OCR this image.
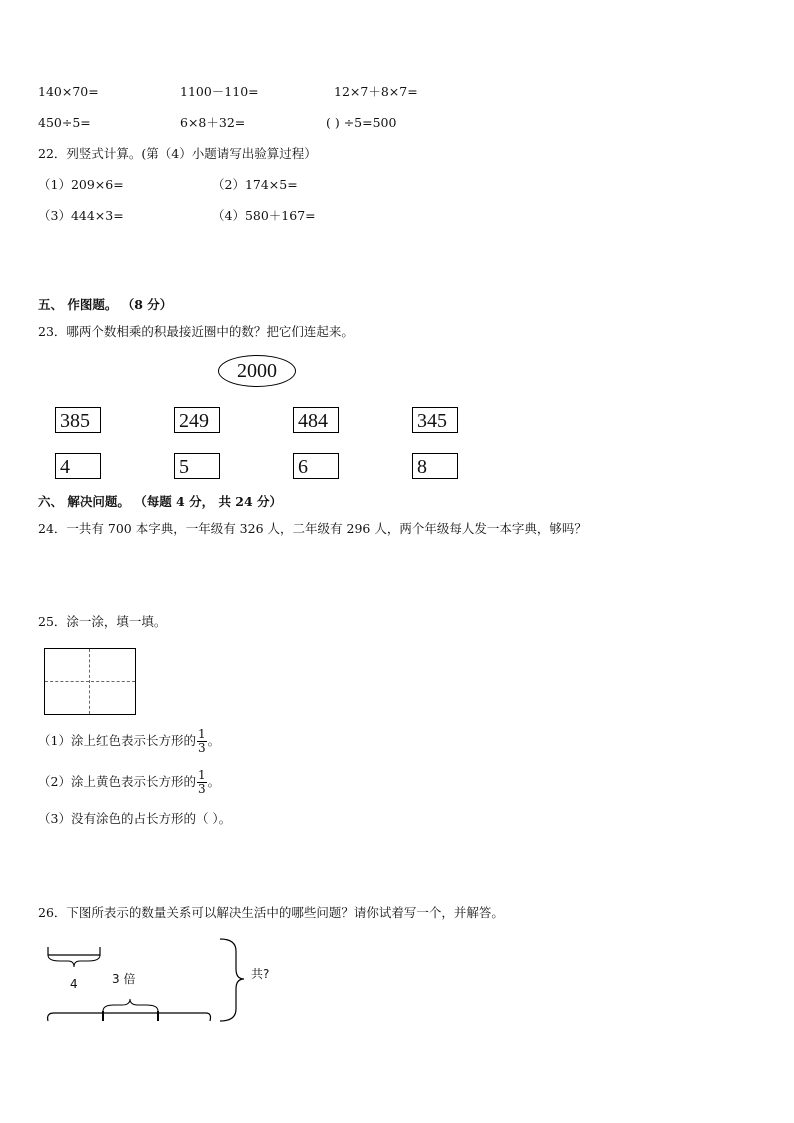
140×70=	1100－110=	12×7＋8×7=
450÷5=	6×8＋32=	( ) ÷5=500
22．列竖式计算。(第（4）小题请写出验算过程）
（1）209×6=	（2）174×5=
（3）444×3=	（4）580＋167=
五、 作图题。 （8 分）
23．哪两个数相乘的积最接近圈中的数？把它们连起来。
2000
385	249	484	345
4	5	6	8
六、 解决问题。 （每题 4 分， 共 24 分）
24．一共有 700 本字典，一年级有 326 人，二年级有 296 人，两个年级每人发一本字典，够吗？
25．涂一涂，填一填。
（1）涂上红色表示长方形的 $\frac{1}{3}$ 。
（2）涂上黄色表示长方形的 $\frac{1}{3}$ 。
（3）没有涂色的占长方形的（ ）。
26．下图所表示的数量关系可以解决生活中的哪些问题？请你试着写一个，并解答。
4	3 倍	共?
